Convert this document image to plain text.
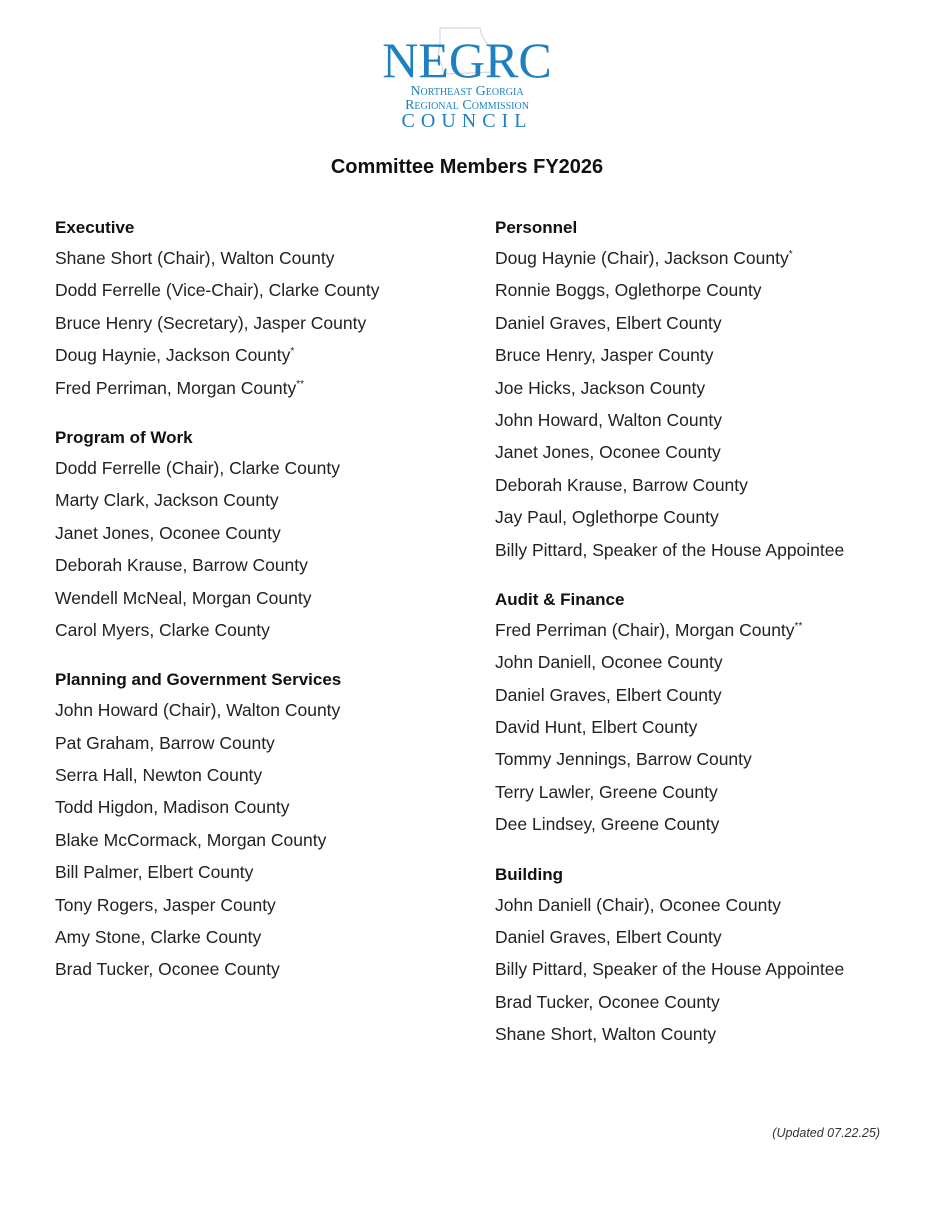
NEGRC
Northeast Georgia
Regional Commission
COUNCIL
Committee Members FY2026
Executive
Shane Short (Chair), Walton County
Dodd Ferrelle (Vice-Chair), Clarke County
Bruce Henry (Secretary), Jasper County
Doug Haynie, Jackson County*
Fred Perriman, Morgan County**
Program of Work
Dodd Ferrelle (Chair), Clarke County
Marty Clark, Jackson County
Janet Jones, Oconee County
Deborah Krause, Barrow County
Wendell McNeal, Morgan County
Carol Myers, Clarke County
Planning and Government Services
John Howard (Chair), Walton County
Pat Graham, Barrow County
Serra Hall, Newton County
Todd Higdon, Madison County
Blake McCormack, Morgan County
Bill Palmer, Elbert County
Tony Rogers, Jasper County
Amy Stone, Clarke County
Brad Tucker, Oconee County
Personnel
Doug Haynie (Chair), Jackson County*
Ronnie Boggs, Oglethorpe County
Daniel Graves, Elbert County
Bruce Henry, Jasper County
Joe Hicks, Jackson County
John Howard, Walton County
Janet Jones, Oconee County
Deborah Krause, Barrow County
Jay Paul, Oglethorpe County
Billy Pittard, Speaker of the House Appointee
Audit & Finance
Fred Perriman (Chair), Morgan County**
John Daniell, Oconee County
Daniel Graves, Elbert County
David Hunt, Elbert County
Tommy Jennings, Barrow County
Terry Lawler, Greene County
Dee Lindsey, Greene County
Building
John Daniell (Chair), Oconee County
Daniel Graves, Elbert County
Billy Pittard, Speaker of the House Appointee
Brad Tucker, Oconee County
Shane Short, Walton County
(Updated 07.22.25)
